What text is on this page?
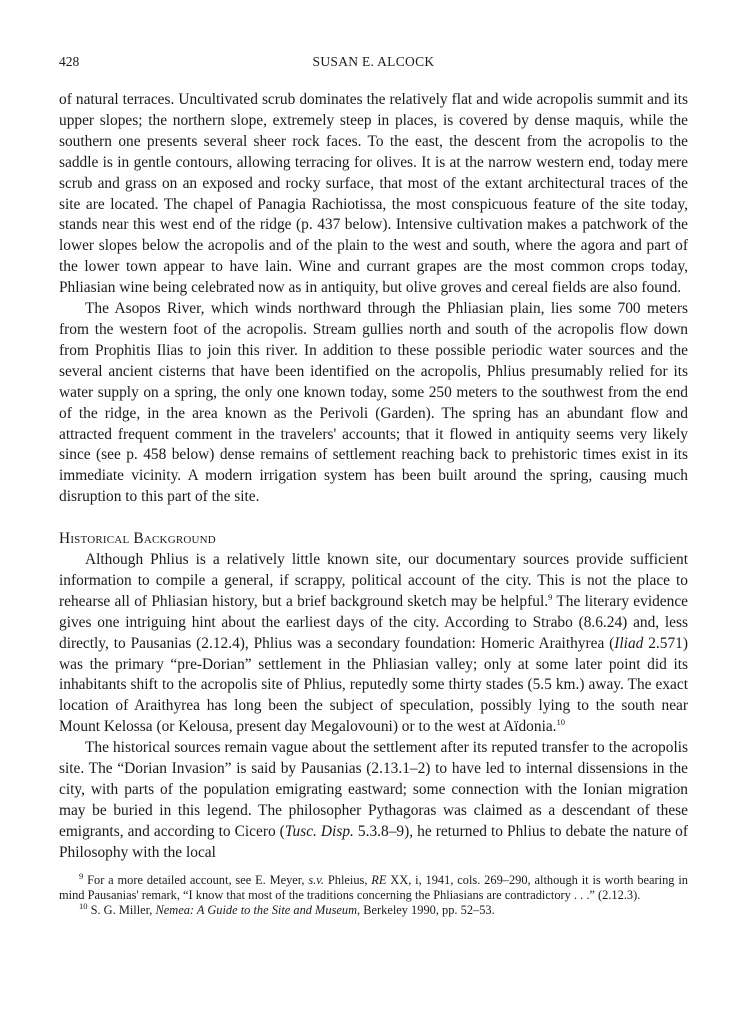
428	SUSAN E. ALCOCK

of natural terraces. Uncultivated scrub dominates the relatively flat and wide acropolis summit and its upper slopes; the northern slope, extremely steep in places, is covered by dense maquis, while the southern one presents several sheer rock faces. To the east, the descent from the acropolis to the saddle is in gentle contours, allowing terracing for olives. It is at the narrow western end, today mere scrub and grass on an exposed and rocky surface, that most of the extant architectural traces of the site are located. The chapel of Panagia Rachiotissa, the most conspicuous feature of the site today, stands near this west end of the ridge (p. 437 below). Intensive cultivation makes a patchwork of the lower slopes below the acropolis and of the plain to the west and south, where the agora and part of the lower town appear to have lain. Wine and currant grapes are the most common crops today, Phliasian wine being celebrated now as in antiquity, but olive groves and cereal fields are also found.

The Asopos River, which winds northward through the Phliasian plain, lies some 700 meters from the western foot of the acropolis. Stream gullies north and south of the acropolis flow down from Prophitis Ilias to join this river. In addition to these possible periodic water sources and the several ancient cisterns that have been identified on the acropolis, Phlius presumably relied for its water supply on a spring, the only one known today, some 250 meters to the southwest from the end of the ridge, in the area known as the Perivoli (Garden). The spring has an abundant flow and attracted frequent comment in the travelers' accounts; that it flowed in antiquity seems very likely since (see p. 458 below) dense remains of settlement reaching back to prehistoric times exist in its immediate vicinity. A modern irrigation system has been built around the spring, causing much disruption to this part of the site.

Historical Background

Although Phlius is a relatively little known site, our documentary sources provide sufficient information to compile a general, if scrappy, political account of the city. This is not the place to rehearse all of Phliasian history, but a brief background sketch may be helpful.$^9$ The literary evidence gives one intriguing hint about the earliest days of the city. According to Strabo (8.6.24) and, less directly, to Pausanias (2.12.4), Phlius was a secondary foundation: Homeric Araithyrea (Iliad 2.571) was the primary “pre-Dorian” settlement in the Phliasian valley; only at some later point did its inhabitants shift to the acropolis site of Phlius, reputedly some thirty stades (5.5 km.) away. The exact location of Araithyrea has long been the subject of speculation, possibly lying to the south near Mount Kelossa (or Kelousa, present day Megalovouni) or to the west at Aïdonia.$^{10}$

The historical sources remain vague about the settlement after its reputed transfer to the acropolis site. The “Dorian Invasion” is said by Pausanias (2.13.1–2) to have led to internal dissensions in the city, with parts of the population emigrating eastward; some connection with the Ionian migration may be buried in this legend. The philosopher Pythagoras was claimed as a descendant of these emigrants, and according to Cicero (Tusc. Disp. 5.3.8–9), he returned to Phlius to debate the nature of Philosophy with the local

$^9$ For a more detailed account, see E. Meyer, s.v. Phleius, RE XX, i, 1941, cols. 269–290, although it is worth bearing in mind Pausanias' remark, “I know that most of the traditions concerning the Phliasians are contradictory . . .” (2.12.3).

$^{10}$ S. G. Miller, Nemea: A Guide to the Site and Museum, Berkeley 1990, pp. 52–53.
